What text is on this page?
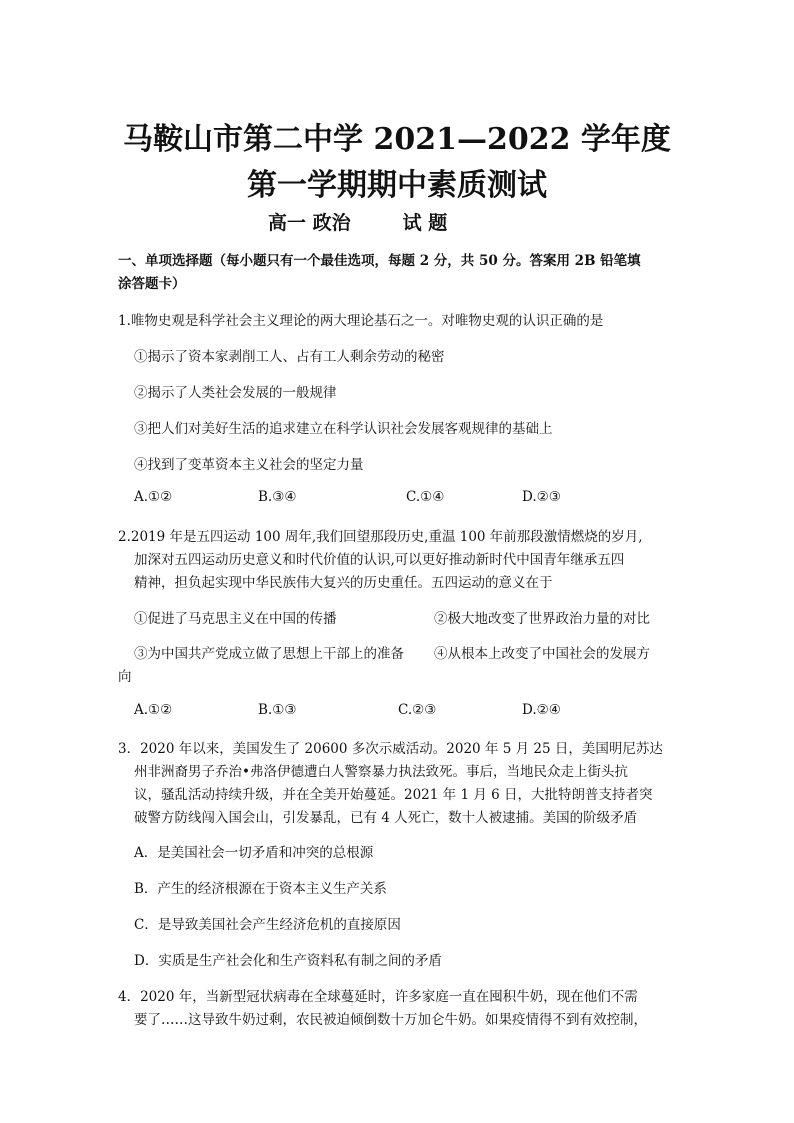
马鞍山市第二中学 2021—2022 学年度
第一学期期中素质测试
高一 政治	试 题
一、单项选择题（每小题只有一个最佳选项，每题 2 分，共 50 分。答案用 2B 铅笔填
涂答题卡）
1.唯物史观是科学社会主义理论的两大理论基石之一。对唯物史观的认识正确的是
①揭示了资本家剥削工人、占有工人剩余劳动的秘密
②揭示了人类社会发展的一般规律
③把人们对美好生活的追求建立在科学认识社会发展客观规律的基础上
④找到了变革资本主义社会的坚定力量
A.①②	B.③④	C.①④	D.②③
2.2019 年是五四运动 100 周年,我们回望那段历史,重温 100 年前那段激情燃烧的岁月,
加深对五四运动历史意义和时代价值的认识,可以更好推动新时代中国青年继承五四
精神，担负起实现中华民族伟大复兴的历史重任。五四运动的意义在于
①促进了马克思主义在中国的传播	②极大地改变了世界政治力量的对比
③为中国共产党成立做了思想上干部上的准备 ④从根本上改变了中国社会的发展方
向
A.①②	B.①③	C.②③	D.②④
3．2020 年以来，美国发生了 20600 多次示威活动。2020 年 5 月 25 日，美国明尼苏达
州非洲裔男子乔治•弗洛伊德遭白人警察暴力执法致死。事后，当地民众走上街头抗
议，骚乱活动持续升级，并在全美开始蔓延。2021 年 1 月 6 日，大批特朗普支持者突
破警方防线闯入国会山，引发暴乱，已有 4 人死亡，数十人被逮捕。美国的阶级矛盾
A．是美国社会一切矛盾和冲突的总根源
B．产生的经济根源在于资本主义生产关系
C．是导致美国社会产生经济危机的直接原因
D．实质是生产社会化和生产资料私有制之间的矛盾
4．2020 年，当新型冠状病毒在全球蔓延时，许多家庭一直在囤积牛奶，现在他们不需
要了……这导致牛奶过剩，农民被迫倾倒数十万加仑牛奶。如果疫情得不到有效控制，
